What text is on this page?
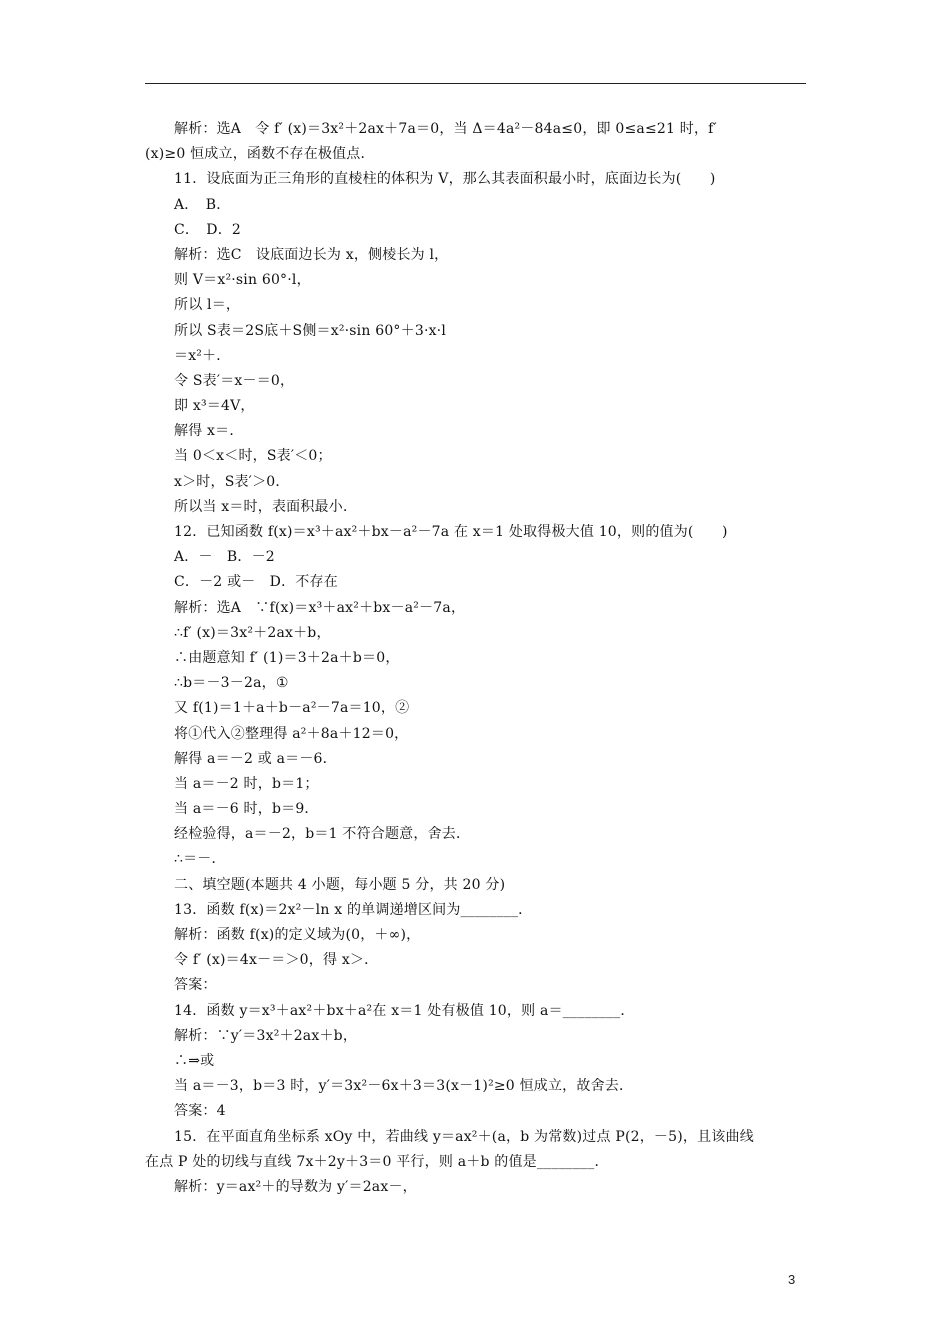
解析：选A　令 f′ (x)＝3x²＋2ax＋7a＝0，当 Δ＝4a²－84a≤0，即 0≤a≤21 时，f′
(x)≥0 恒成立，函数不存在极值点．
11．设底面为正三角形的直棱柱的体积为 V，那么其表面积最小时，底面边长为(　　)
A．　B．
C．　D．2
解析：选C　设底面边长为 x，侧棱长为 l，
则 V＝x²·sin 60°·l，
所以 l＝，
所以 S表＝2S底＋S侧＝x²·sin 60°＋3·x·l
＝x²＋．
令 S表′＝x－＝0，
即 x³＝4V，
解得 x＝．
当 0＜x＜时，S表′＜0；
x＞时，S表′＞0．
所以当 x＝时，表面积最小．
12．已知函数 f(x)＝x³＋ax²＋bx－a²－7a 在 x＝1 处取得极大值 10，则的值为(　　)
A．－　B．－2
C．－2 或－　D．不存在
解析：选A　∵f(x)＝x³＋ax²＋bx－a²－7a，
∴f′ (x)＝3x²＋2ax＋b，
∴由题意知 f′ (1)＝3＋2a＋b＝0，
∴b＝－3－2a，①
又 f(1)＝1＋a＋b－a²－7a＝10，②
将①代入②整理得 a²＋8a＋12＝0，
解得 a＝－2 或 a＝－6．
当 a＝－2 时，b＝1；
当 a＝－6 时，b＝9．
经检验得，a＝－2，b＝1 不符合题意，舍去．
∴＝－．
二、填空题(本题共 4 小题，每小题 5 分，共 20 分)
13．函数 f(x)＝2x²－ln x 的单调递增区间为________．
解析：函数 f(x)的定义域为(0，＋∞)，
令 f′ (x)＝4x－＝＞0，得 x＞．
答案：
14．函数 y＝x³＋ax²＋bx＋a²在 x＝1 处有极值 10，则 a＝________．
解析：∵y′＝3x²＋2ax＋b，
∴⇒或
当 a＝－3，b＝3 时，y′＝3x²－6x＋3＝3(x－1)²≥0 恒成立，故舍去．
答案：4
15．在平面直角坐标系 xOy 中，若曲线 y＝ax²＋(a，b 为常数)过点 P(2，－5)，且该曲线
在点 P 处的切线与直线 7x＋2y＋3＝0 平行，则 a＋b 的值是________．
解析：y＝ax²＋的导数为 y′＝2ax－，
3
